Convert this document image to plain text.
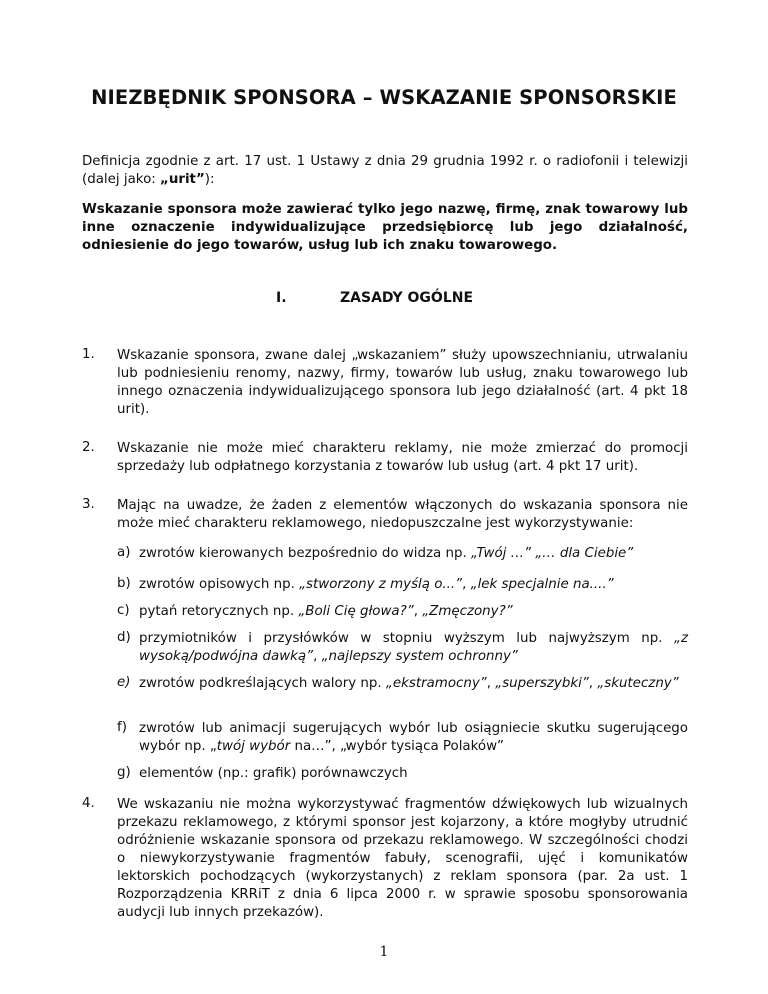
NIEZBĘDNIK SPONSORA – WSKAZANIE SPONSORSKIE
Definicja zgodnie z art. 17 ust. 1 Ustawy z dnia 29 grudnia 1992 r. o radiofonii i telewizji (dalej jako: „urit”):
Wskazanie sponsora może zawierać tylko jego nazwę, firmę, znak towarowy lub inne oznaczenie indywidualizujące przedsiębiorcę lub jego działalność, odniesienie do jego towarów, usług lub ich znaku towarowego.
I.	ZASADY OGÓLNE
1. Wskazanie sponsora, zwane dalej „wskazaniem” służy upowszechnianiu, utrwalaniu lub podniesieniu renomy, nazwy, firmy, towarów lub usług, znaku towarowego lub innego oznaczenia indywidualizującego sponsora lub jego działalność (art. 4 pkt 18 urit).
2. Wskazanie nie może mieć charakteru reklamy, nie może zmierzać do promocji sprzedaży lub odpłatnego korzystania z towarów lub usług (art. 4 pkt 17 urit).
3. Mając na uwadze, że żaden z elementów włączonych do wskazania sponsora nie może mieć charakteru reklamowego, niedopuszczalne jest wykorzystywanie:
a) zwrotów kierowanych bezpośrednio do widza np. „Twój …” „… dla Ciebie”
b) zwrotów opisowych np. „stworzony z myślą o...”, „lek specjalnie na....”
c) pytań retorycznych np. „Boli Cię głowa?”, „Zmęczony?”
d) przymiotników i przysłówków w stopniu wyższym lub najwyższym np. „z wysoką/podwójna dawką”, „najlepszy system ochronny”
e) zwrotów podkreślających walory np. „ekstramocny”, „superszybki”, „skuteczny”
f) zwrotów lub animacji sugerujących wybór lub osiągniecie skutku sugerującego wybór np. „twój wybór na…”, „wybór tysiąca Polaków”
g) elementów (np.: grafik) porównawczych
4. We wskazaniu nie można wykorzystywać fragmentów dźwiękowych lub wizualnych przekazu reklamowego, z którymi sponsor jest kojarzony, a które mogłyby utrudnić odróżnienie wskazanie sponsora od przekazu reklamowego. W szczególności chodzi o niewykorzystywanie fragmentów fabuły, scenografii, ujęć i komunikatów lektorskich pochodzących (wykorzystanych) z reklam sponsora (par. 2a ust. 1 Rozporządzenia KRRiT z dnia 6 lipca 2000 r. w sprawie sposobu sponsorowania audycji lub innych przekazów).
1
